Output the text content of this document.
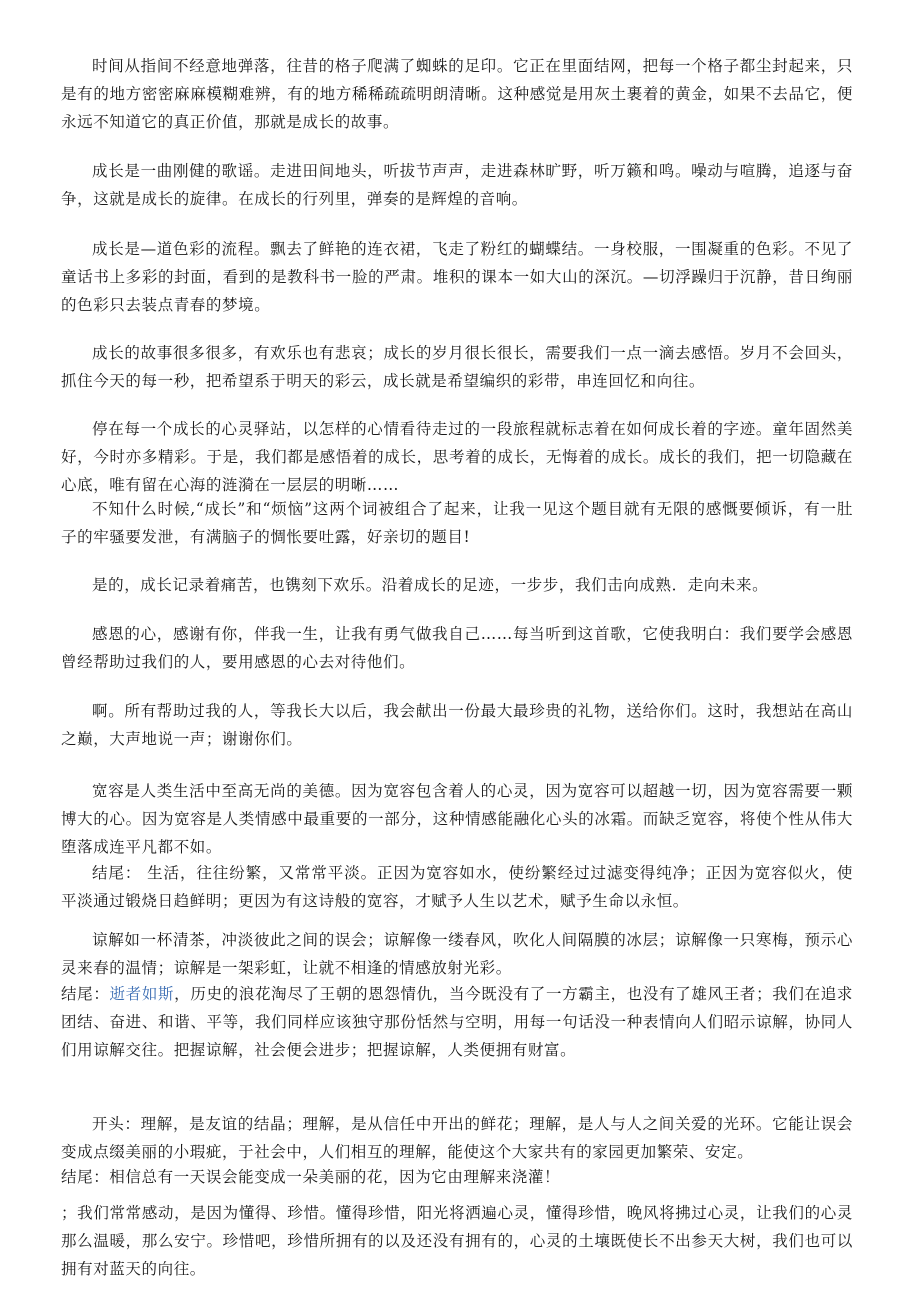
时间从指间不经意地弹落，往昔的格子爬满了蜘蛛的足印。它正在里面结网，把每一个格子都尘封起来，只是有的地方密密麻麻模糊难辨，有的地方稀稀疏疏明朗清晰。这种感觉是用灰土裹着的黄金，如果不去品它，便永远不知道它的真正价值，那就是成长的故事。

成长是一曲刚健的歌谣。走进田间地头，听拔节声声，走进森林旷野，听万籁和鸣。噪动与喧腾，追逐与奋争，这就是成长的旋律。在成长的行列里，弹奏的是辉煌的音响。

成长是—道色彩的流程。飘去了鲜艳的连衣裙，飞走了粉红的蝴蝶结。一身校服，一围凝重的色彩。不见了童话书上多彩的封面，看到的是教科书一脸的严肃。堆积的课本一如大山的深沉。—切浮躁归于沉静，昔日绚丽的色彩只去装点青春的梦境。

成长的故事很多很多，有欢乐也有悲哀；成长的岁月很长很长，需要我们一点一滴去感悟。岁月不会回头，抓住今天的每一秒，把希望系于明天的彩云，成长就是希望编织的彩带，串连回忆和向往。

停在每一个成长的心灵驿站，以怎样的心情看待走过的一段旅程就标志着在如何成长着的字迹。童年固然美好，今时亦多精彩。于是，我们都是感悟着的成长，思考着的成长，无悔着的成长。成长的我们，把一切隐藏在心底，唯有留在心海的涟漪在一层层的明晰……

不知什么时候,“成长”和“烦恼”这两个词被组合了起来，让我一见这个题目就有无限的感慨要倾诉，有一肚子的牢骚要发泄，有满脑子的惆怅要吐露，好亲切的题目!

是的，成长记录着痛苦，也镌刻下欢乐。沿着成长的足迹，一步步，我们击向成熟．走向未来。

感恩的心，感谢有你，伴我一生，让我有勇气做我自己……每当听到这首歌，它使我明白：我们要学会感恩曾经帮助过我们的人，要用感恩的心去对待他们。

啊。所有帮助过我的人，等我长大以后，我会献出一份最大最珍贵的礼物，送给你们。这时，我想站在高山之巅，大声地说一声；谢谢你们。

宽容是人类生活中至高无尚的美德。因为宽容包含着人的心灵，因为宽容可以超越一切，因为宽容需要一颗博大的心。因为宽容是人类情感中最重要的一部分，这种情感能融化心头的冰霜。而缺乏宽容，将使个性从伟大堕落成连平凡都不如。

结尾： 生活，往往纷繁，又常常平淡。正因为宽容如水，使纷繁经过过滤变得纯净；正因为宽容似火，使平淡通过锻烧日趋鲜明；更因为有这诗般的宽容，才赋予人生以艺术，赋予生命以永恒。

谅解如一杯清茶，冲淡彼此之间的误会；谅解像一缕春风，吹化人间隔膜的冰层；谅解像一只寒梅，预示心灵来春的温情；谅解是一架彩虹，让就不相逢的情感放射光彩。

结尾：逝者如斯，历史的浪花淘尽了王朝的恩怨情仇，当今既没有了一方霸主，也没有了雄风王者；我们在追求团结、奋进、和谐、平等，我们同样应该独守那份恬然与空明，用每一句话没一种表情向人们昭示谅解，协同人们用谅解交往。把握谅解，社会便会进步；把握谅解，人类便拥有财富。

开头：理解，是友谊的结晶；理解，是从信任中开出的鲜花；理解，是人与人之间关爱的光环。它能让误会变成点缀美丽的小瑕疵，于社会中，人们相互的理解，能使这个大家共有的家园更加繁荣、安定。

结尾：相信总有一天误会能变成一朵美丽的花，因为它由理解来浇灌！

；我们常常感动，是因为懂得、珍惜。懂得珍惜，阳光将洒遍心灵，懂得珍惜，晚风将拂过心灵，让我们的心灵那么温暖，那么安宁。珍惜吧，珍惜所拥有的以及还没有拥有的，心灵的土壤既使长不出参天大树，我们也可以拥有对蓝天的向往。
